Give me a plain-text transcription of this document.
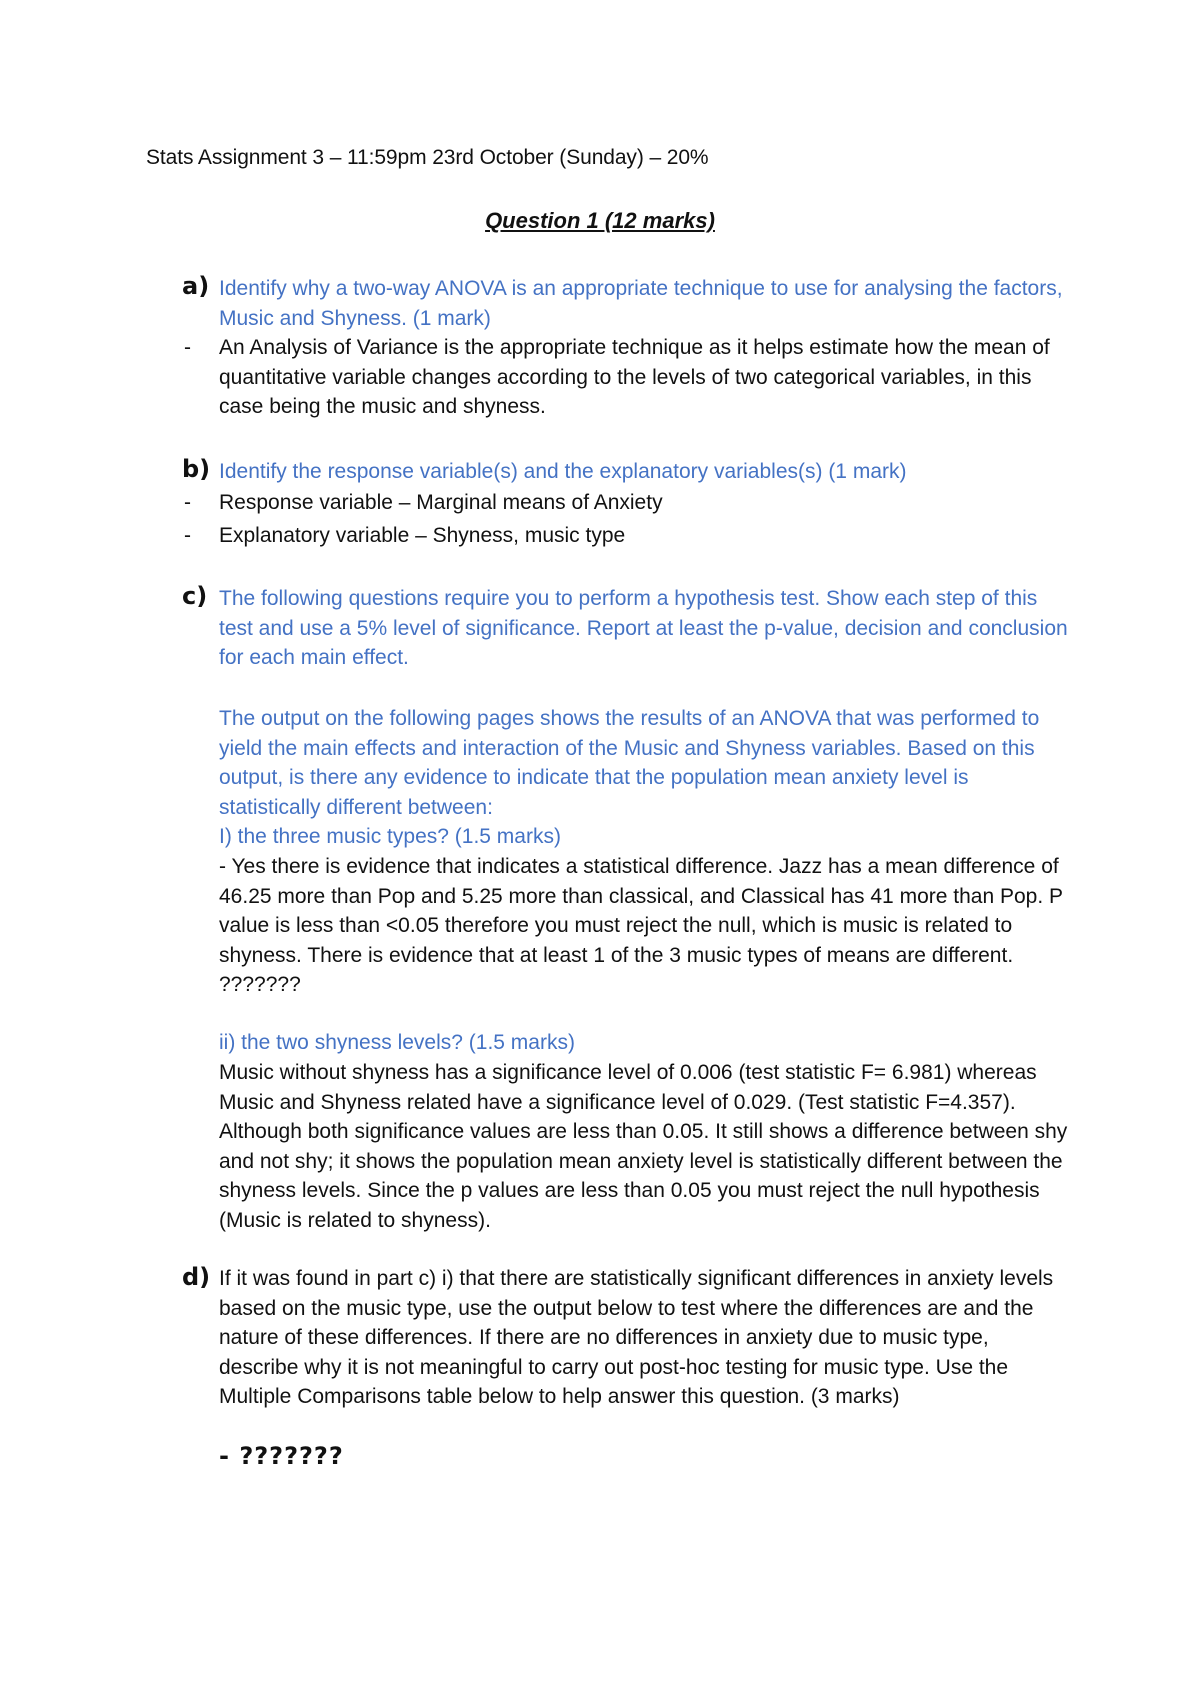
Stats Assignment 3 – 11:59pm 23rd October (Sunday) – 20%
Question 1 (12 marks)
a) Identify why a two-way ANOVA is an appropriate technique to use for analysing the factors, Music and Shyness. (1 mark)
-	An Analysis of Variance is the appropriate technique as it helps estimate how the mean of quantitative variable changes according to the levels of two categorical variables, in this case being the music and shyness.
b) Identify the response variable(s) and the explanatory variables(s) (1 mark)
- Response variable – Marginal means of Anxiety
- Explanatory variable – Shyness, music type
c) The following questions require you to perform a hypothesis test. Show each step of this test and use a 5% level of significance. Report at least the p-value, decision and conclusion for each main effect.
The output on the following pages shows the results of an ANOVA that was performed to yield the main effects and interaction of the Music and Shyness variables. Based on this output, is there any evidence to indicate that the population mean anxiety level is statistically different between:
I) the three music types? (1.5 marks)
- Yes there is evidence that indicates a statistical difference. Jazz has a mean difference of 46.25 more than Pop and 5.25 more than classical, and Classical has 41 more than Pop. P value is less than <0.05 therefore you must reject the null, which is music is related to shyness. There is evidence that at least 1 of the 3 music types of means are different. ???????
ii) the two shyness levels? (1.5 marks)
Music without shyness has a significance level of 0.006 (test statistic F= 6.981) whereas Music and Shyness related have a significance level of 0.029. (Test statistic F=4.357). Although both significance values are less than 0.05. It still shows a difference between shy and not shy; it shows the population mean anxiety level is statistically different between the shyness levels. Since the p values are less than 0.05 you must reject the null hypothesis (Music is related to shyness).
d) If it was found in part c) i) that there are statistically significant differences in anxiety levels based on the music type, use the output below to test where the differences are and the nature of these differences. If there are no differences in anxiety due to music type, describe why it is not meaningful to carry out post-hoc testing for music type. Use the Multiple Comparisons table below to help answer this question. (3 marks)
- ???????
